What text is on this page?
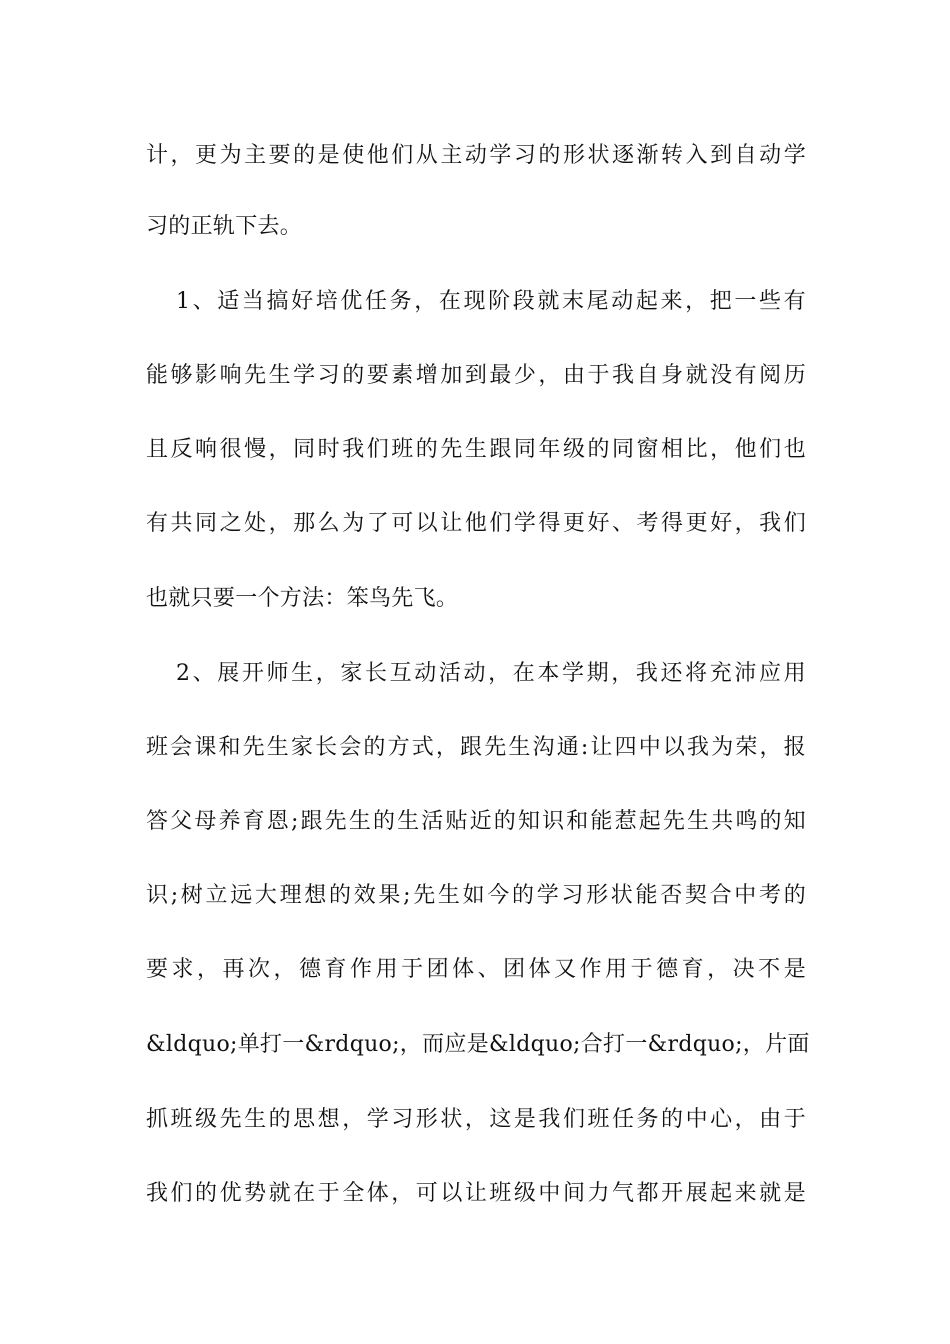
计，更为主要的是使他们从主动学习的形状逐渐转入到自动学
习的正轨下去。
1、适当搞好培优任务，在现阶段就末尾动起来，把一些有
能够影响先生学习的要素增加到最少，由于我自身就没有阅历
且反响很慢，同时我们班的先生跟同年级的同窗相比，他们也
有共同之处，那么为了可以让他们学得更好、考得更好，我们
也就只要一个方法：笨鸟先飞。
2、展开师生，家长互动活动，在本学期，我还将充沛应用
班会课和先生家长会的方式，跟先生沟通:让四中以我为荣，报
答父母养育恩;跟先生的生活贴近的知识和能惹起先生共鸣的知
识;树立远大理想的效果;先生如今的学习形状能否契合中考的
要求，再次，德育作用于团体、团体又作用于德育，决不是
&ldquo;单打一&rdquo;，而应是&ldquo;合打一&rdquo;，片面
抓班级先生的思想，学习形状，这是我们班任务的中心，由于
我们的优势就在于全体，可以让班级中间力气都开展起来就是
